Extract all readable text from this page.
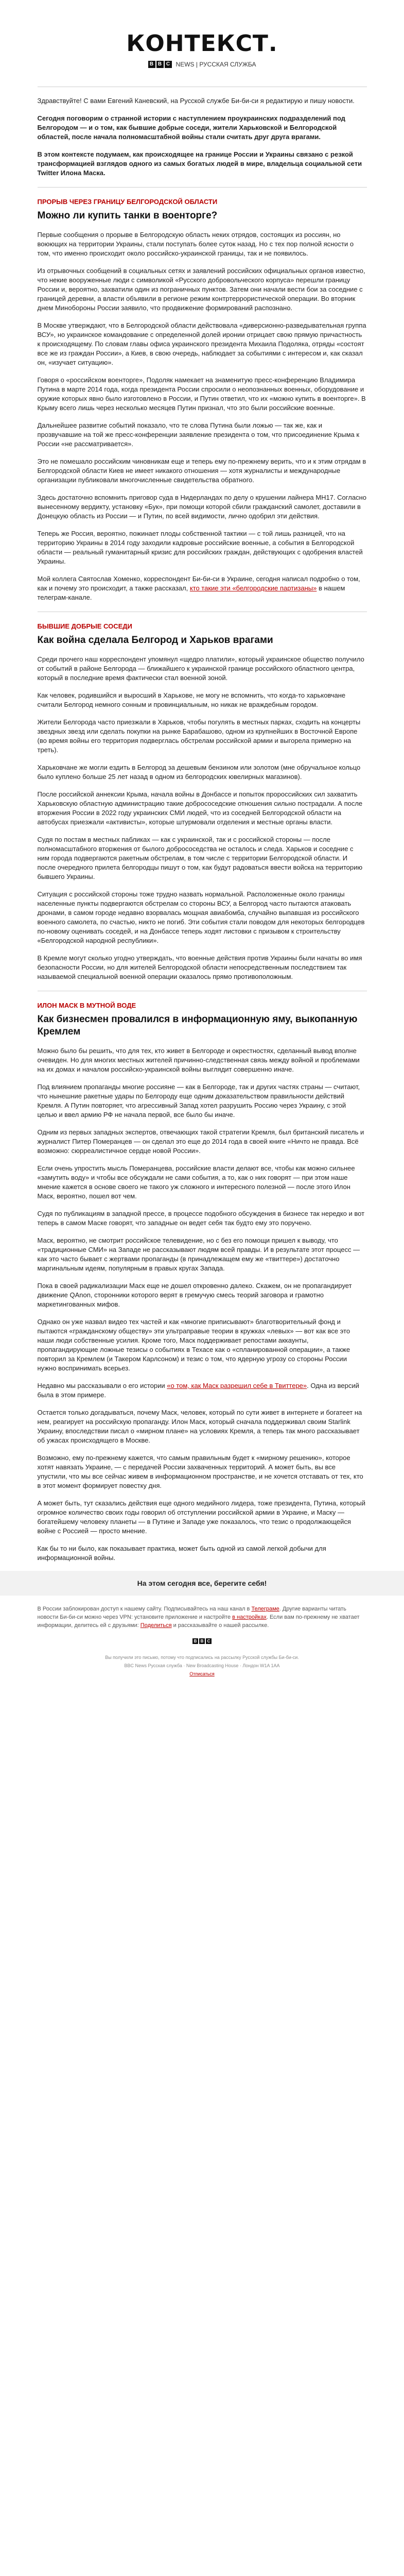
КОНТЕКСТ.
B B C NEWS | РУССКАЯ СЛУЖБА

Здравствуйте! С вами Евгений Каневский, на Русской службе Би-би-си я редактирую и пишу новости.

Сегодня поговорим о странной истории с наступлением проукраинских подразделений под Белгородом — и о том, как бывшие добрые соседи, жители Харьковской и Белгородской областей, после начала полномасштабной войны стали считать друг друга врагами.

В этом контексте подумаем, как происходящее на границе России и Украины связано с резкой трансформацией взглядов одного из самых богатых людей в мире, владельца социальной сети Twitter Илона Маска.

ПРОРЫВ ЧЕРЕЗ ГРАНИЦУ БЕЛГОРОДСКОЙ ОБЛАСТИ
Можно ли купить танки в военторге?

Первые сообщения о прорыве в Белгородскую область неких отрядов, состоящих из россиян, но воюющих на территории Украины, стали поступать более суток назад. Но с тех пор полной ясности о том, что именно происходит около российско-украинской границы, так и не появилось.

Из отрывочных сообщений в социальных сетях и заявлений российских официальных органов известно, что некие вооруженные люди с символикой «Русского добровольческого корпуса» перешли границу России и, вероятно, захватили один из пограничных пунктов. Затем они начали вести бои за соседние с границей деревни, а власти объявили в регионе режим контртеррористической операции. Во вторник днем Минобороны России заявило, что продвижение формирований распознано.

В Москве утверждают, что в Белгородской области действовала «диверсионно-разведывательная группа ВСУ», но украинское командование с определенной долей иронии отрицает свою прямую причастность к происходящему. По словам главы офиса украинского президента Михаила Подоляка, отряды «состоят все же из граждан России», а Киев, в свою очередь, наблюдает за событиями с интересом и, как сказал он, «изучает ситуацию».

Говоря о «российском военторге», Подоляк намекает на знаменитую пресс-конференцию Владимира Путина в марте 2014 года, когда президента России спросили о неопознанных военных, оборудование и оружие которых явно было изготовлено в России, и Путин ответил, что их «можно купить в военторге». В Крыму всего лишь через несколько месяцев Путин признал, что это были российские военные.

Дальнейшее развитие событий показало, что те слова Путина были ложью — так же, как и прозвучавшие на той же пресс-конференции заявление президента о том, что присоединение Крыма к России «не рассматривается».

Это не помешало российским чиновникам еще и теперь ему по-прежнему верить, что и к этим отрядам в Белгородской области Киев не имеет никакого отношения — хотя журналисты и международные организации публиковали многочисленные свидетельства обратного.

Здесь достаточно вспомнить приговор суда в Нидерландах по делу о крушении лайнера MH17. Согласно вынесенному вердикту, установку «Бук», при помощи которой сбили гражданский самолет, доставили в Донецкую область из России — и Путин, по всей видимости, лично одобрил эти действия.

Теперь же Россия, вероятно, пожинает плоды собственной тактики — с той лишь разницей, что на территорию Украины в 2014 году заходили кадровые российские военные, а события в Белгородской области — реальный гуманитарный кризис для российских граждан, действующих с одобрения властей Украины.

Мой коллега Святослав Хоменко, корреспондент Би-би-си в Украине, сегодня написал подробно о том, как и почему это происходит, а также рассказал, кто такие эти «белгородские партизаны» в нашем телеграм-канале.

БЫВШИЕ ДОБРЫЕ СОСЕДИ
Как война сделала Белгород и Харьков врагами

Среди прочего наш корреспондент упомянул «щедро платили», который украинское общество получило от событий в районе Белгорода — ближайшего к украинской границе российского областного центра, который в последние время фактически стал военной зоной.

Как человек, родившийся и выросший в Харькове, не могу не вспомнить, что когда-то харьковчане считали Белгород немного сонным и провинциальным, но никак не враждебным городом.

Жители Белгорода часто приезжали в Харьков, чтобы погулять в местных парках, сходить на концерты звездных звезд или сделать покупки на рынке Барабашово, одном из крупнейших в Восточной Европе (во время войны его территория подверглась обстрелам российской армии и выгорела примерно на треть).

Харьковчане же могли ездить в Белгород за дешевым бензином или золотом (мне обручальное кольцо было куплено больше 25 лет назад в одном из белгородских ювелирных магазинов).

После российской аннексии Крыма, начала войны в Донбассе и попыток пророссийских сил захватить Харьковскую областную администрацию такие добрососедские отношения сильно пострадали. А после вторжения России в 2022 году украинских СМИ людей, что из соседней Белгородской области на автобусах приезжали «активисты», которые штурмовали отделения и местные органы власти.

Судя по постам в местных пабликах — как с украинской, так и с российской стороны — после полномасштабного вторжения от былого добрососедства не осталось и следа. Харьков и соседние с ним города подвергаются ракетным обстрелам, в том числе с территории Белгородской области. И после очередного прилета белгородцы пишут о том, как будут радоваться ввести войска на территорию бывшего Украины.

Ситуация с российской стороны тоже трудно назвать нормальной. Расположенные около границы населенные пункты подвергаются обстрелам со стороны ВСУ, а Белгород часто пытаются атаковать дронами, в самом городе недавно взорвалась мощная авиабомба, случайно выпавшая из российского военного самолета, по счастью, никто не погиб. Эти события стали поводом для некоторых белгородцев по-новому оценивать соседей, и на Донбассе теперь ходят листовки с призывом к строительству «Белгородской народной республики».

В Кремле могут сколько угодно утверждать, что военные действия против Украины были начаты во имя безопасности России, но для жителей Белгородской области непосредственным последствием так называемой специальной военной операции оказалось прямо противоположным.

ИЛОН МАСК В МУТНОЙ ВОДЕ
Как бизнесмен провалился в информационную яму, выкопанную Кремлем

Можно было бы решить, что для тех, кто живет в Белгороде и окрестностях, сделанный вывод вполне очевиден. Но для многих местных жителей причинно-следственная связь между войной и проблемами на их домах и началом российско-украинской войны выглядит совершенно иначе.

Под влиянием пропаганды многие россияне — как в Белгороде, так и других частях страны — считают, что нынешние ракетные удары по Белгороду еще одним доказательством правильности действий Кремля. А Путин повторяет, что агрессивный Запад хотел разрушить Россию через Украину, с этой целью и ввел армию РФ не начала первой, все было бы иначе.

Одним из первых западных экспертов, отвечающих такой стратегии Кремля, был британский писатель и журналист Питер Померанцев — он сделал это еще до 2014 года в своей книге «Ничто не правда. Всё возможно: сюрреалистичное сердце новой России».

Если очень упростить мысль Померанцева, российские власти делают все, чтобы как можно сильнее «замутить воду» и чтобы все обсуждали не сами события, а то, как о них говорят — при этом наше мнение кажется в основе своего не такого уж сложного и интересного полезной — после этого Илон Маск, вероятно, пошел вот чем.

Судя по публикациям в западной прессе, в процессе подобного обсуждения в бизнесе так нередко и вот теперь в самом Маске говорят, что западные он ведет себя так будто ему это поручено.

Маск, вероятно, не смотрит российское телевидение, но с без его помощи пришел к выводу, что «традиционные СМИ» на Западе не рассказывают людям всей правды. И в результате этот процесс — как это часто бывает с жертвами пропаганды (в принадлежащем ему же «твиттере») достаточно маргинальным идеям, популярным в правых кругах Запада.

Пока в своей радикализации Маск еще не дошел откровенно далеко. Скажем, он не пропагандирует движение QAnon, сторонники которого верят в гремучую смесь теорий заговора и грамотно маркетингованных мифов.

Однако он уже назвал видео тех частей и как «многие приписывают» благотворительный фонд и пытаются «гражданскому обществу» эти ультраправые теории в кружках «левых» — вот как все это наши люди собственные усилия. Кроме того, Маск поддерживает репостами аккаунты, пропагандирующие ложные тезисы о событиях в Техасе как о «спланированной операции», а также повторил за Кремлем (и Такером Карлсоном) и тезис о том, что ядерную угрозу со стороны России нужно воспринимать всерьез.

Недавно мы рассказывали о его истории «о том, как Маск разрешил себе в Твиттере». Одна из версий была в этом примере.

Остается только догадываться, почему Маск, человек, который по сути живет в интернете и богатеет на нем, реагирует на российскую пропаганду. Илон Маск, который сначала поддерживал своим Starlink Украину, впоследствии писал о «мирном плане» на условиях Кремля, а теперь так много рассказывает об ужасах происходящего в Москве.

Возможно, ему по-прежнему кажется, что самым правильным будет к «мирному решению», которое хотят навязать Украине, — с передачей России захваченных территорий. А может быть, вы все упустили, что мы все сейчас живем в информационном пространстве, и не хочется отставать от тех, кто в этот момент формирует повестку дня.

А может быть, тут сказались действия еще одного медийного лидера, тоже президента, Путина, который огромное количество своих годы говорил об отступлении российской армии в Украине, и Маску — богатейшему человеку планеты — в Путине и Западе уже показалось, что тезис о продолжающейся войне с Россией — просто мнение.

Как бы то ни было, как показывает практика, может быть одной из самой легкой добычи для информационной войны.

На этом сегодня все, берегите себя!
В России заблокирован доступ к нашему сайту. Подписывайтесь на наш канал в Телеграме. Другие варианты читать новости Би-би-си можно через VPN: установите приложение и настройте в настройках. Если вам по-прежнему не хватает информации, делитесь ей с друзьями: Поделиться и рассказывайте о нашей рассылке.
B B C
Вы получили это письмо, потому что подписались на рассылку Русской службы Би-би-си.
BBC News Русская служба · New Broadcasting House · Лондон W1A 1AA
Отписаться
